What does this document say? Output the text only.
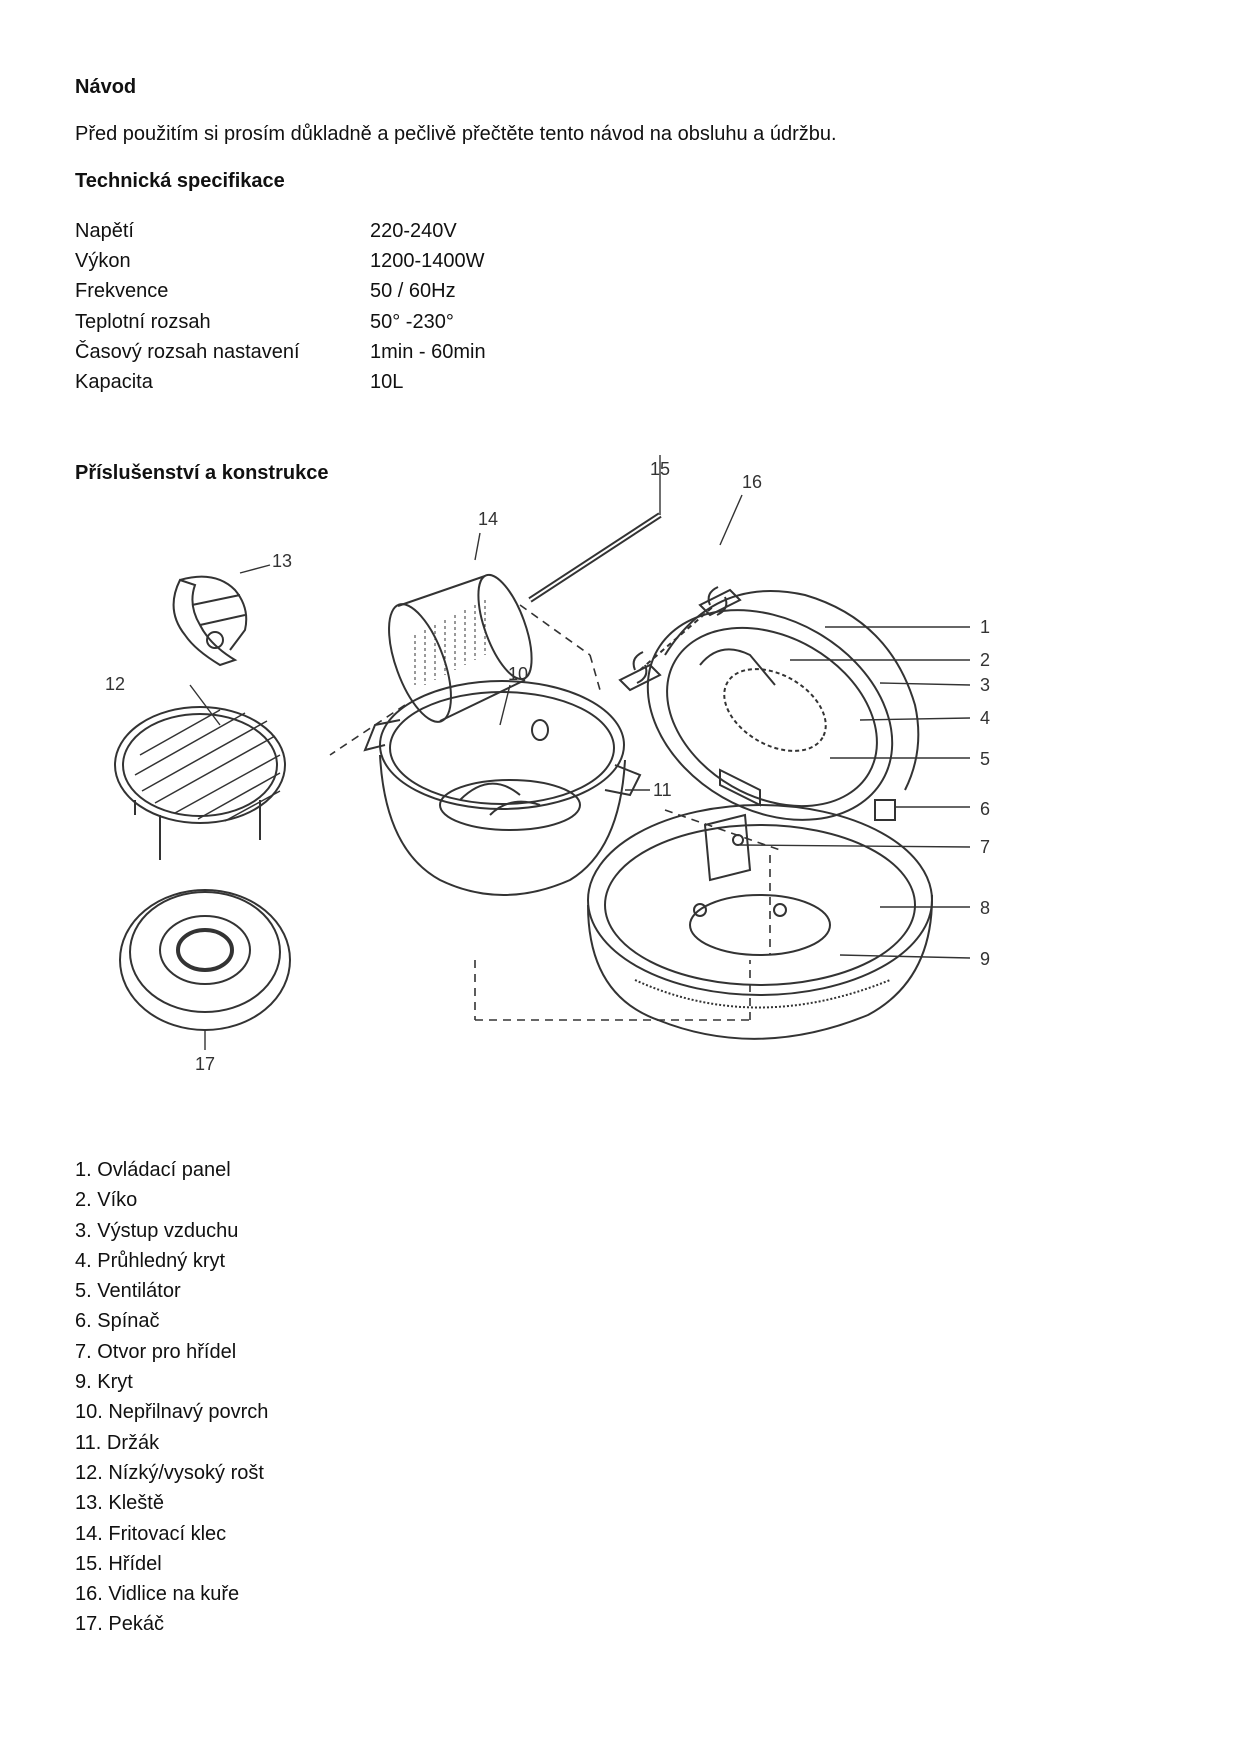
Návod
Před použitím si prosím důkladně a pečlivě přečtěte tento návod na obsluhu a údržbu.
Technická specifikace
Napětí	220-240V
Výkon	1200-1400W
Frekvence	50 / 60Hz
Teplotní rozsah	50° -230°
Časový rozsah nastavení	1min - 60min
Kapacita	10L
Příslušenství a konstrukce
1
2
3
4
5
6
7
8
9
10
11
12
13
14
15
16
17
1. Ovládací panel
2. Víko
3. Výstup vzduchu
4. Průhledný kryt
5. Ventilátor
6. Spínač
7. Otvor pro hřídel
9. Kryt
10. Nepřilnavý povrch
11. Držák
12. Nízký/vysoký rošt
13. Kleště
14. Fritovací klec
15. Hřídel
16. Vidlice na kuře
17. Pekáč
